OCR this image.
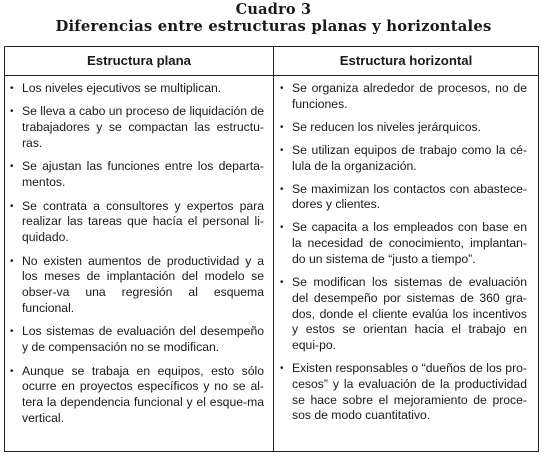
Cuadro 3
Diferencias entre estructuras planas y horizontales
Estructura plana
• Los niveles ejecutivos se multiplican.
• Se lleva a cabo un proceso de liquidación de trabajadores y se compactan las estructu-ras.
• Se ajustan las funciones entre los departa-mentos.
• Se contrata a consultores y expertos para realizar las tareas que hacía el personal li-quidado.
• No existen aumentos de productividad y a los meses de implantación del modelo se obser-va una regresión al esquema funcional.
• Los sistemas de evaluación del desempeño y de compensación no se modifican.
• Aunque se trabaja en equipos, esto sólo ocurre en proyectos específicos y no se al-tera la dependencia funcional y el esque-ma vertical.
Estructura horizontal
• Se organiza alrededor de procesos, no de funciones.
• Se reducen los niveles jerárquicos.
• Se utilizan equipos de trabajo como la cé-lula de la organización.
• Se maximizan los contactos con abastece-dores y clientes.
• Se capacita a los empleados con base en la necesidad de conocimiento, implantan-do un sistema de “justo a tiempo”.
• Se modifican los sistemas de evaluación del desempeño por sistemas de 360 gra-dos, donde el cliente evalúa los incentivos y estos se orientan hacia el trabajo en equi-po.
• Existen responsables o “dueños de los pro-cesos” y la evaluación de la productividad se hace sobre el mejoramiento de proce-sos de modo cuantitativo.
